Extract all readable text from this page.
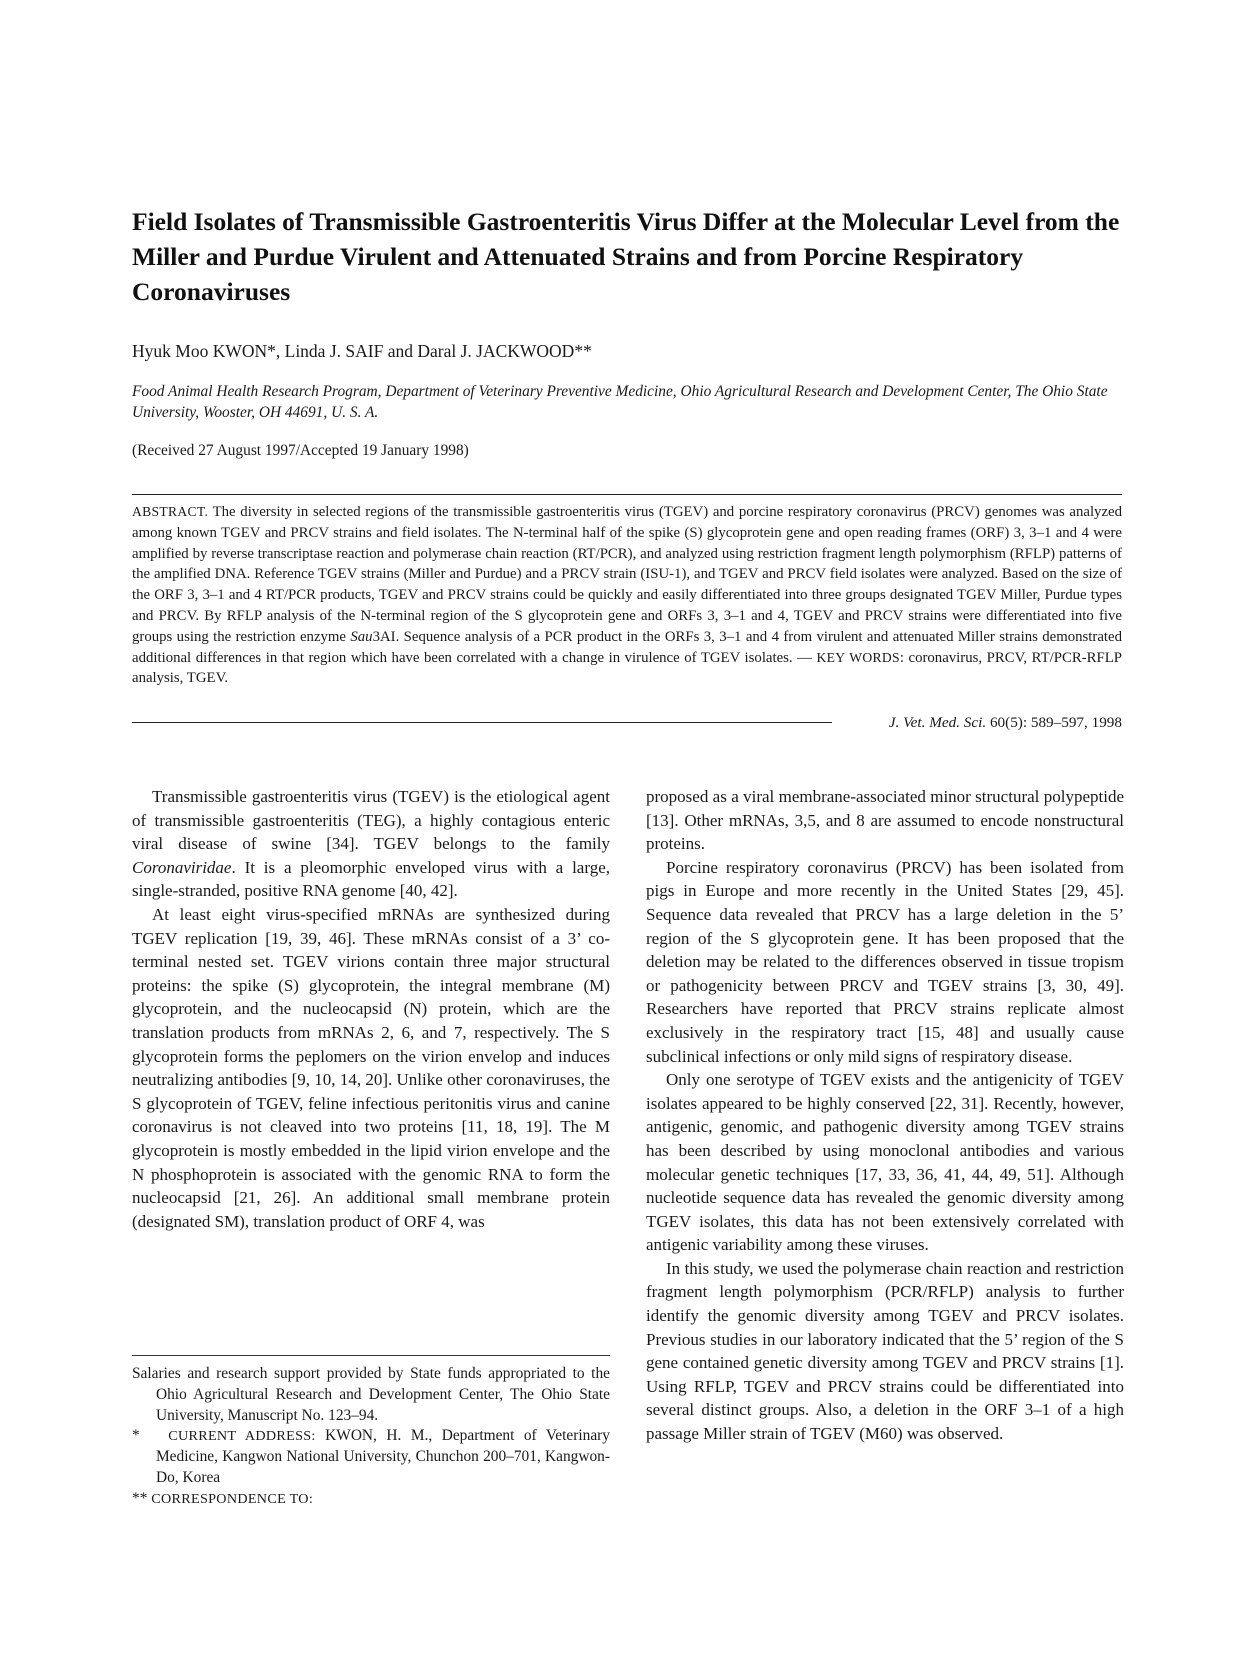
Field Isolates of Transmissible Gastroenteritis Virus Differ at the Molecular Level from the Miller and Purdue Virulent and Attenuated Strains and from Porcine Respiratory Coronaviruses

Hyuk Moo KWON*, Linda J. SAIF and Daral J. JACKWOOD**

Food Animal Health Research Program, Department of Veterinary Preventive Medicine, Ohio Agricultural Research and Development Center, The Ohio State University, Wooster, OH 44691, U. S. A.

(Received 27 August 1997/Accepted 19 January 1998)

ABSTRACT. The diversity in selected regions of the transmissible gastroenteritis virus (TGEV) and porcine respiratory coronavirus (PRCV) genomes was analyzed among known TGEV and PRCV strains and field isolates. The N-terminal half of the spike (S) glycoprotein gene and open reading frames (ORF) 3, 3–1 and 4 were amplified by reverse transcriptase reaction and polymerase chain reaction (RT/PCR), and analyzed using restriction fragment length polymorphism (RFLP) patterns of the amplified DNA. Reference TGEV strains (Miller and Purdue) and a PRCV strain (ISU-1), and TGEV and PRCV field isolates were analyzed. Based on the size of the ORF 3, 3–1 and 4 RT/PCR products, TGEV and PRCV strains could be quickly and easily differentiated into three groups designated TGEV Miller, Purdue types and PRCV. By RFLP analysis of the N-terminal region of the S glycoprotein gene and ORFs 3, 3–1 and 4, TGEV and PRCV strains were differentiated into five groups using the restriction enzyme Sau3AI. Sequence analysis of a PCR product in the ORFs 3, 3–1 and 4 from virulent and attenuated Miller strains demonstrated additional differences in that region which have been correlated with a change in virulence of TGEV isolates. — KEY WORDS: coronavirus, PRCV, RT/PCR-RFLP analysis, TGEV.

J. Vet. Med. Sci. 60(5): 589–597, 1998

Transmissible gastroenteritis virus (TGEV) is the etiological agent of transmissible gastroenteritis (TEG), a highly contagious enteric viral disease of swine [34]. TGEV belongs to the family Coronaviridae. It is a pleomorphic enveloped virus with a large, single-stranded, positive RNA genome [40, 42].

At least eight virus-specified mRNAs are synthesized during TGEV replication [19, 39, 46]. These mRNAs consist of a 3’ co-terminal nested set. TGEV virions contain three major structural proteins: the spike (S) glycoprotein, the integral membrane (M) glycoprotein, and the nucleocapsid (N) protein, which are the translation products from mRNAs 2, 6, and 7, respectively. The S glycoprotein forms the peplomers on the virion envelop and induces neutralizing antibodies [9, 10, 14, 20]. Unlike other coronaviruses, the S glycoprotein of TGEV, feline infectious peritonitis virus and canine coronavirus is not cleaved into two proteins [11, 18, 19]. The M glycoprotein is mostly embedded in the lipid virion envelope and the N phosphoprotein is associated with the genomic RNA to form the nucleocapsid [21, 26]. An additional small membrane protein (designated SM), translation product of ORF 4, was

Salaries and research support provided by State funds appropriated to the Ohio Agricultural Research and Development Center, The Ohio State University, Manuscript No. 123–94.

* CURRENT ADDRESS: KWON, H. M., Department of Veterinary Medicine, Kangwon National University, Chunchon 200–701, Kangwon-Do, Korea

** CORRESPONDENCE TO:

proposed as a viral membrane-associated minor structural polypeptide [13]. Other mRNAs, 3,5, and 8 are assumed to encode nonstructural proteins.

Porcine respiratory coronavirus (PRCV) has been isolated from pigs in Europe and more recently in the United States [29, 45]. Sequence data revealed that PRCV has a large deletion in the 5’ region of the S glycoprotein gene. It has been proposed that the deletion may be related to the differences observed in tissue tropism or pathogenicity between PRCV and TGEV strains [3, 30, 49]. Researchers have reported that PRCV strains replicate almost exclusively in the respiratory tract [15, 48] and usually cause subclinical infections or only mild signs of respiratory disease.

Only one serotype of TGEV exists and the antigenicity of TGEV isolates appeared to be highly conserved [22, 31]. Recently, however, antigenic, genomic, and pathogenic diversity among TGEV strains has been described by using monoclonal antibodies and various molecular genetic techniques [17, 33, 36, 41, 44, 49, 51]. Although nucleotide sequence data has revealed the genomic diversity among TGEV isolates, this data has not been extensively correlated with antigenic variability among these viruses.

In this study, we used the polymerase chain reaction and restriction fragment length polymorphism (PCR/RFLP) analysis to further identify the genomic diversity among TGEV and PRCV isolates. Previous studies in our laboratory indicated that the 5’ region of the S gene contained genetic diversity among TGEV and PRCV strains [1]. Using RFLP, TGEV and PRCV strains could be differentiated into several distinct groups. Also, a deletion in the ORF 3–1 of a high passage Miller strain of TGEV (M60) was observed.
